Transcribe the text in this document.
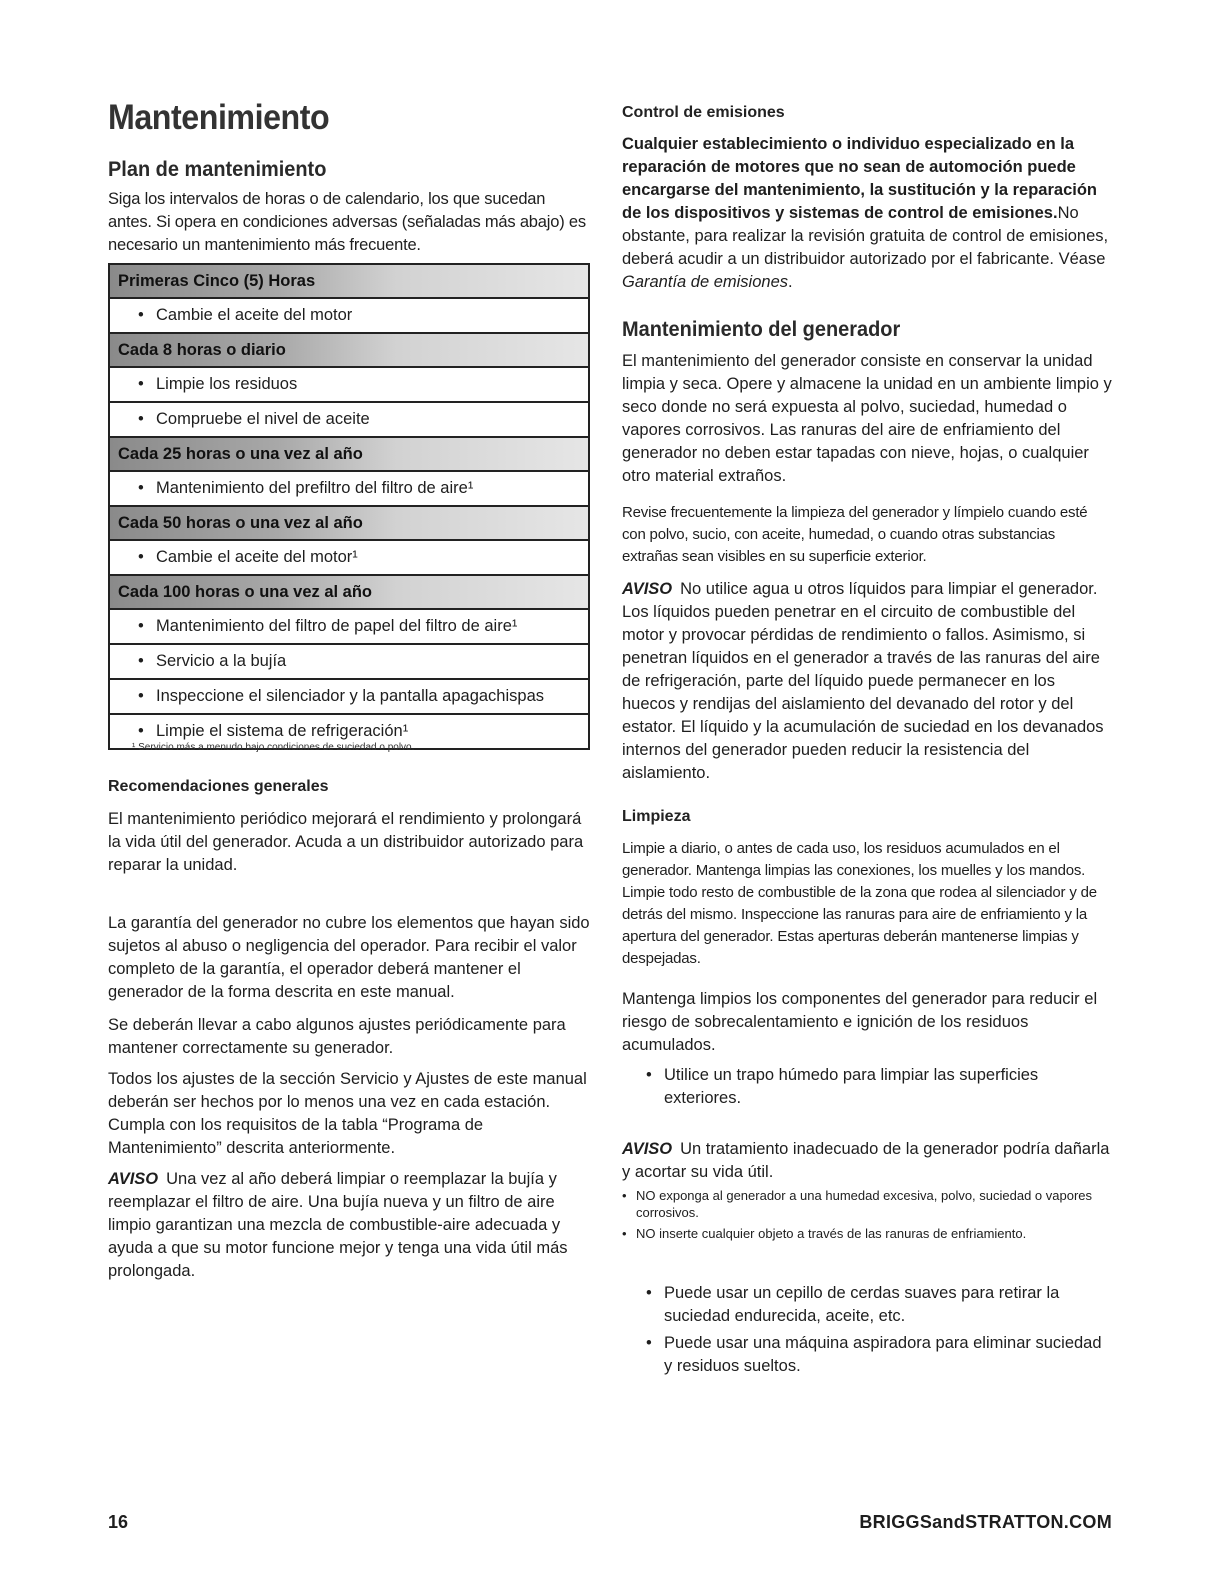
Mantenimiento
Plan de mantenimiento

Siga los intervalos de horas o de calendario, los que sucedan antes. Si opera en condiciones adversas (señaladas más abajo) es necesario un mantenimiento más frecuente.

Primeras Cinco (5) Horas
• Cambie el aceite del motor
Cada 8 horas o diario
• Limpie los residuos
• Compruebe el nivel de aceite
Cada 25 horas o una vez al año
• Mantenimiento del prefiltro del filtro de aire¹
Cada 50 horas o una vez al año
• Cambie el aceite del motor¹
Cada 100 horas o una vez al año
• Mantenimiento del filtro de papel del filtro de aire¹
• Servicio a la bujía
• Inspeccione el silenciador y la pantalla apagachispas
• Limpie el sistema de refrigeración¹
¹ Servicio más a menudo bajo condiciones de suciedad o polvo.
Recomendaciones generales

El mantenimiento periódico mejorará el rendimiento y prolongará la vida útil del generador. Acuda a un distribuidor autorizado para reparar la unidad.

La garantía del generador no cubre los elementos que hayan sido sujetos al abuso o negligencia del operador. Para recibir el valor completo de la garantía, el operador deberá mantener el generador de la forma descrita en este manual.

Se deberán llevar a cabo algunos ajustes periódicamente para mantener correctamente su generador.

Todos los ajustes de la sección Servicio y Ajustes de este manual deberán ser hechos por lo menos una vez en cada estación. Cumpla con los requisitos de la tabla “Programa de Mantenimiento” descrita anteriormente.

AVISO Una vez al año deberá limpiar o reemplazar la bujía y reemplazar el filtro de aire. Una bujía nueva y un filtro de aire limpio garantizan una mezcla de combustible-aire adecuada y ayuda a que su motor funcione mejor y tenga una vida útil más prolongada.

Control de emisiones

Cualquier establecimiento o individuo especializado en la reparación de motores que no sean de automoción puede encargarse del mantenimiento, la sustitución y la reparación de los dispositivos y sistemas de control de emisiones.No obstante, para realizar la revisión gratuita de control de emisiones, deberá acudir a un distribuidor autorizado por el fabricante. Véase Garantía de emisiones.

Mantenimiento del generador

El mantenimiento del generador consiste en conservar la unidad limpia y seca. Opere y almacene la unidad en un ambiente limpio y seco donde no será expuesta al polvo, suciedad, humedad o vapores corrosivos. Las ranuras del aire de enfriamiento del generador no deben estar tapadas con nieve, hojas, o cualquier otro material extraños.

Revise frecuentemente la limpieza del generador y límpielo cuando esté con polvo, sucio, con aceite, humedad, o cuando otras substancias extrañas sean visibles en su superficie exterior.

AVISO No utilice agua u otros líquidos para limpiar el generador. Los líquidos pueden penetrar en el circuito de combustible del motor y provocar pérdidas de rendimiento o fallos. Asimismo, si penetran líquidos en el generador a través de las ranuras del aire de refrigeración, parte del líquido puede permanecer en los huecos y rendijas del aislamiento del devanado del rotor y del estator. El líquido y la acumulación de suciedad en los devanados internos del generador pueden reducir la resistencia del aislamiento.

Limpieza

Limpie a diario, o antes de cada uso, los residuos acumulados en el generador. Mantenga limpias las conexiones, los muelles y los mandos. Limpie todo resto de combustible de la zona que rodea al silenciador y de detrás del mismo. Inspeccione las ranuras para aire de enfriamiento y la apertura del generador. Estas aperturas deberán mantenerse limpias y despejadas.

Mantenga limpios los componentes del generador para reducir el riesgo de sobrecalentamiento e ignición de los residuos acumulados.

• Utilice un trapo húmedo para limpiar las superficies exteriores.

AVISO Un tratamiento inadecuado de la generador podría dañarla y acortar su vida útil.

• NO exponga al generador a una humedad excesiva, polvo, suciedad o vapores corrosivos.
• NO inserte cualquier objeto a través de las ranuras de enfriamiento.
• Puede usar un cepillo de cerdas suaves para retirar la suciedad endurecida, aceite, etc.
• Puede usar una máquina aspiradora para eliminar suciedad y residuos sueltos.
16	BRIGGSandSTRATTON.COM
